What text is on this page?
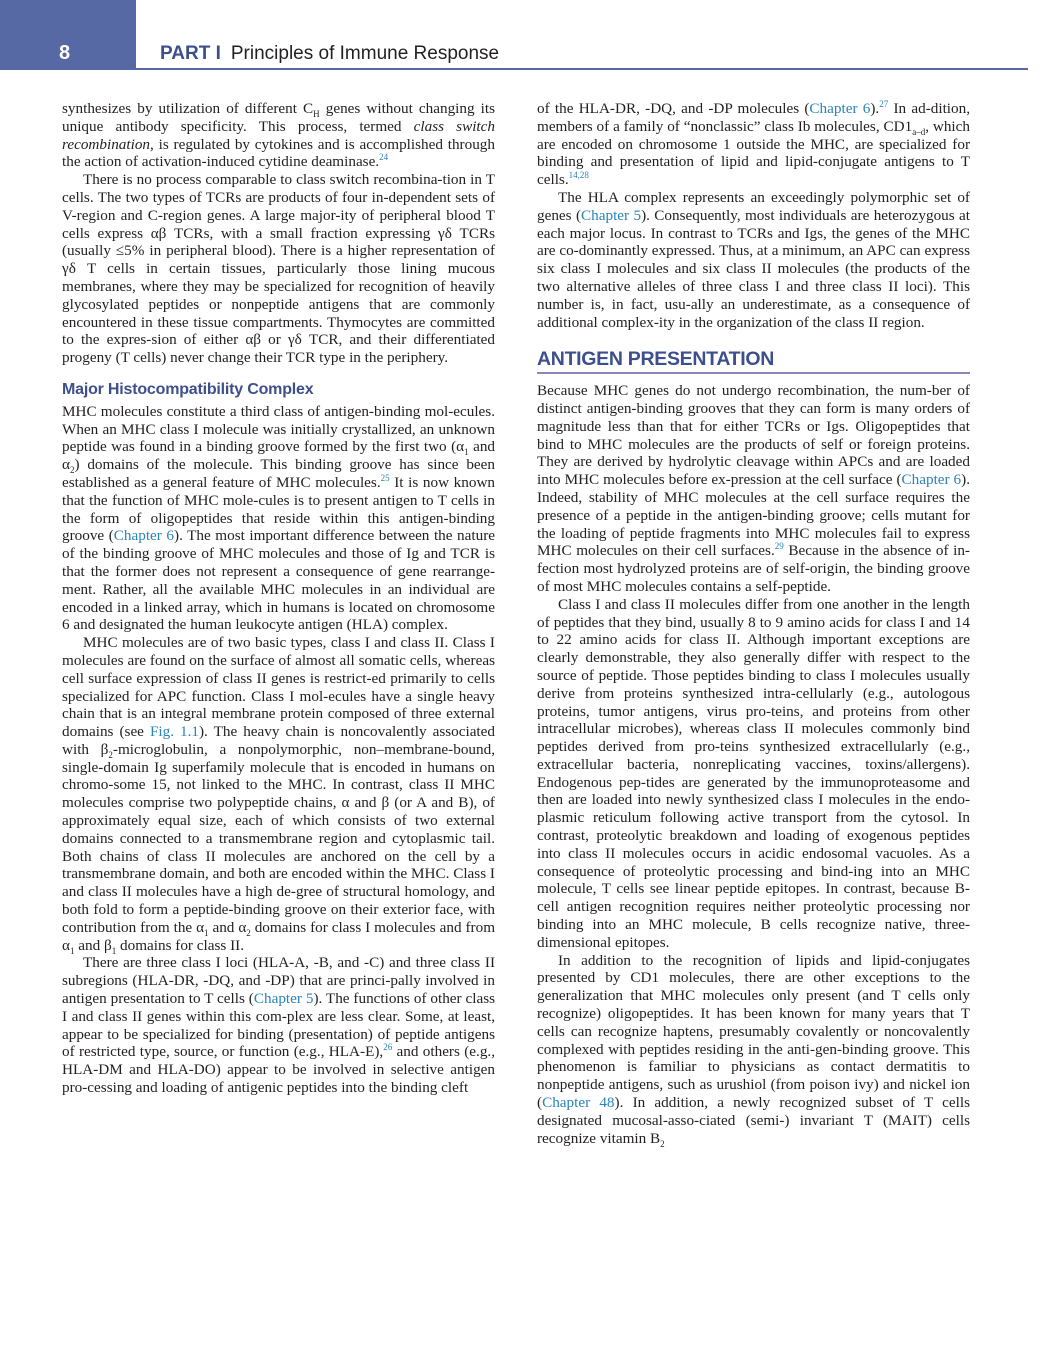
8	PART I Principles of Immune Response

synthesizes by utilization of different $C_H$ genes without changing its unique antibody specificity. This process, termed class switch recombination, is regulated by cytokines and is accomplished through the action of activation-induced cytidine deaminase.$^{24}$

There is no process comparable to class switch recombina-tion in T cells. The two types of TCRs are products of four in-dependent sets of V-region and C-region genes. A large major-ity of peripheral blood T cells express αβ TCRs, with a small fraction expressing γδ TCRs (usually ≤5% in peripheral blood). There is a higher representation of γδ T cells in certain tissues, particularly those lining mucous membranes, where they may be specialized for recognition of heavily glycosylated peptides or nonpeptide antigens that are commonly encountered in these tissue compartments. Thymocytes are committed to the expres-sion of either αβ or γδ TCR, and their differentiated progeny (T cells) never change their TCR type in the periphery.

Major Histocompatibility Complex

MHC molecules constitute a third class of antigen-binding mol-ecules. When an MHC class I molecule was initially crystallized, an unknown peptide was found in a binding groove formed by the first two ($\alpha_1$ and $\alpha_2$) domains of the molecule. This binding groove has since been established as a general feature of MHC molecules.$^{25}$ It is now known that the function of MHC mole-cules is to present antigen to T cells in the form of oligopeptides that reside within this antigen-binding groove (Chapter 6). The most important difference between the nature of the binding groove of MHC molecules and those of Ig and TCR is that the former does not represent a consequence of gene rearrange-ment. Rather, all the available MHC molecules in an individual are encoded in a linked array, which in humans is located on chromosome 6 and designated the human leukocyte antigen (HLA) complex.

MHC molecules are of two basic types, class I and class II. Class I molecules are found on the surface of almost all somatic cells, whereas cell surface expression of class II genes is restrict-ed primarily to cells specialized for APC function. Class I mol-ecules have a single heavy chain that is an integral membrane protein composed of three external domains (see Fig. 1.1). The heavy chain is noncovalently associated with $\beta_2$-microglobulin, a nonpolymorphic, non–membrane-bound, single-domain Ig superfamily molecule that is encoded in humans on chromo-some 15, not linked to the MHC. In contrast, class II MHC molecules comprise two polypeptide chains, α and β (or A and B), of approximately equal size, each of which consists of two external domains connected to a transmembrane region and cytoplasmic tail. Both chains of class II molecules are anchored on the cell by a transmembrane domain, and both are encoded within the MHC. Class I and class II molecules have a high de-gree of structural homology, and both fold to form a peptide-binding groove on their exterior face, with contribution from the $\alpha_1$ and $\alpha_2$ domains for class I molecules and from $\alpha_1$ and $\beta_1$ domains for class II.

There are three class I loci (HLA-A, -B, and -C) and three class II subregions (HLA-DR, -DQ, and -DP) that are princi-pally involved in antigen presentation to T cells (Chapter 5). The functions of other class I and class II genes within this com-plex are less clear. Some, at least, appear to be specialized for binding (presentation) of peptide antigens of restricted type, source, or function (e.g., HLA-E),$^{26}$ and others (e.g., HLA-DM and HLA-DO) appear to be involved in selective antigen pro-cessing and loading of antigenic peptides into the binding cleft

of the HLA-DR, -DQ, and -DP molecules (Chapter 6).$^{27}$ In ad-dition, members of a family of “nonclassic” class Ib molecules, $CD1_{a-d}$, which are encoded on chromosome 1 outside the MHC, are specialized for binding and presentation of lipid and lipid-conjugate antigens to T cells.$^{14,28}$

The HLA complex represents an exceedingly polymorphic set of genes (Chapter 5). Consequently, most individuals are heterozygous at each major locus. In contrast to TCRs and Igs, the genes of the MHC are co-dominantly expressed. Thus, at a minimum, an APC can express six class I molecules and six class II molecules (the products of the two alternative alleles of three class I and three class II loci). This number is, in fact, usu-ally an underestimate, as a consequence of additional complex-ity in the organization of the class II region.

ANTIGEN PRESENTATION

Because MHC genes do not undergo recombination, the num-ber of distinct antigen-binding grooves that they can form is many orders of magnitude less than that for either TCRs or Igs. Oligopeptides that bind to MHC molecules are the products of self or foreign proteins. They are derived by hydrolytic cleavage within APCs and are loaded into MHC molecules before ex-pression at the cell surface (Chapter 6). Indeed, stability of MHC molecules at the cell surface requires the presence of a peptide in the antigen-binding groove; cells mutant for the loading of peptide fragments into MHC molecules fail to express MHC molecules on their cell surfaces.$^{29}$ Because in the absence of in-fection most hydrolyzed proteins are of self-origin, the binding groove of most MHC molecules contains a self-peptide.

Class I and class II molecules differ from one another in the length of peptides that they bind, usually 8 to 9 amino acids for class I and 14 to 22 amino acids for class II. Although important exceptions are clearly demonstrable, they also generally differ with respect to the source of peptide. Those peptides binding to class I molecules usually derive from proteins synthesized intra-cellularly (e.g., autologous proteins, tumor antigens, virus pro-teins, and proteins from other intracellular microbes), whereas class II molecules commonly bind peptides derived from pro-teins synthesized extracellularly (e.g., extracellular bacteria, nonreplicating vaccines, toxins/allergens). Endogenous pep-tides are generated by the immunoproteasome and then are loaded into newly synthesized class I molecules in the endo-plasmic reticulum following active transport from the cytosol. In contrast, proteolytic breakdown and loading of exogenous peptides into class II molecules occurs in acidic endosomal vacuoles. As a consequence of proteolytic processing and bind-ing into an MHC molecule, T cells see linear peptide epitopes. In contrast, because B-cell antigen recognition requires neither proteolytic processing nor binding into an MHC molecule, B cells recognize native, three-dimensional epitopes.

In addition to the recognition of lipids and lipid-conjugates presented by CD1 molecules, there are other exceptions to the generalization that MHC molecules only present (and T cells only recognize) oligopeptides. It has been known for many years that T cells can recognize haptens, presumably covalently or noncovalently complexed with peptides residing in the anti-gen-binding groove. This phenomenon is familiar to physicians as contact dermatitis to nonpeptide antigens, such as urushiol (from poison ivy) and nickel ion (Chapter 48). In addition, a newly recognized subset of T cells designated mucosal-asso-ciated (semi-) invariant T (MAIT) cells recognize vitamin $B_2$
